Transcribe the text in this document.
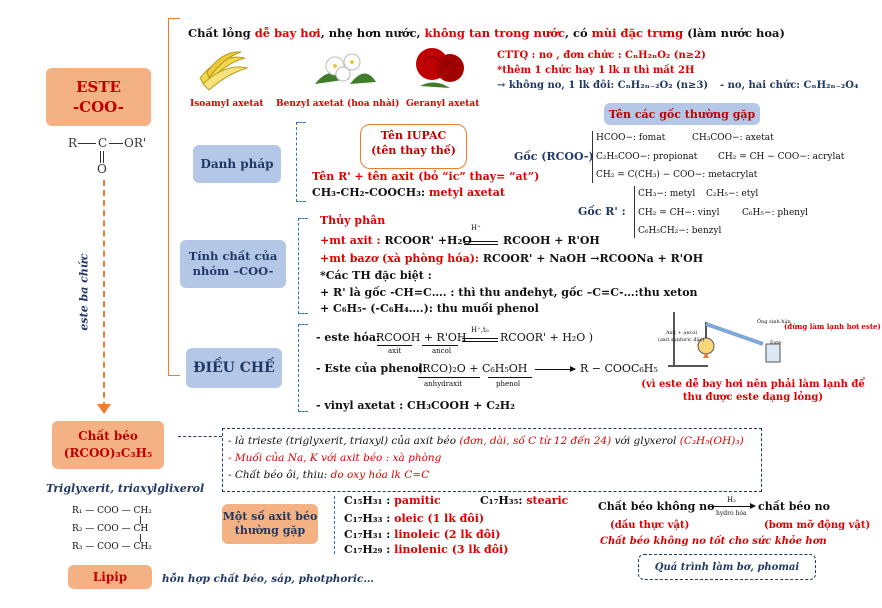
ESTE
-COO-
R C OR'
O
este ba chức
Chất lỏng dễ bay hơi, nhẹ hơn nước, không tan trong nước, có mùi đặc trưng (làm nước hoa)
Isoamyl axetat Benzyl axetat (hoa nhài) Geranyl axetat
CTTQ : no , đơn chức : CₙH₂ₙO₂ (n≥2)
*thêm 1 chức hay 1 lk π thì mất 2H
→ không no, 1 lk đôi: CₙH₂ₙ₋₂O₂ (n≥3) - no, hai chức: CₙH₂ₙ₋₂O₄
Danh pháp
Tên IUPAC
(tên thay thế)
Tên R' + tên axit (bỏ “ic” thay= “at”)
CH₃-CH₂-COOCH₃: metyl axetat
Tên các gốc thường gặp
Gốc (RCOO-)
HCOO−: fomat	CH₃COO−: axetat
C₂H₅COO−: propionat CH₂ = CH − COO−: acrylat
CH₂ = C(CH₃) − COO−: metacrylat
Gốc R' :
CH₃−: metyl C₂H₅−: etyl
CH₂ = CH−: vinyl	C₆H₅−: phenyl
C₆H₅CH₂−: benzyl
Tính chất của nhóm –COO-
Thủy phân
+mt axit : RCOOR' +H₂O
H⁺
RCOOH + R'OH
+mt bazơ (xà phòng hóa): RCOOR' + NaOH →RCOONa + R'OH
*Các TH đặc biệt :
+ R' là gốc -CH=C…. : thì thu anđehyt, gốc –C=C-…:thu xeton
+ C₆H₅- (-C₆H₄….): thu muối phenol
ĐIỀU CHẾ
- este hóa:
RCOOH + R'OH
axit	ancol
H⁺,t₀
RCOOR' + H₂O )
- Este của phenol:
(RCO)₂O + C₆H₅OH
anhydraxit	phenol
R − COOC₆H₅
- vinyl axetat : CH₃COOH + C₂H₂
Axit + ancol
(axit sunfuric đặc)
Ống sinh hàn
Este
(đừng làm lạnh hơi este)
(vì este dễ bay hơi nên phải làm lạnh để thu được este dạng lỏng)
Chất béo
(RCOO)₃C₃H₅
Triglyxerit, triaxylglixerol
R₁ — COO — CH₂
R₂ — COO — CH
R₃ — COO — CH₂
- là trieste (triglyxerit, triaxyl) của axit béo (đơn, dài, số C từ 12 đến 24) với glyxerol (C₃H₅(OH)₃)
- Muối của Na, K với axit béo : xà phòng
- Chất béo ôi, thiu: do oxy hóa lk C=C
Một số axit béo thường gặp
C₁₅H₃₁ : pamitic	C₁₇H₃₅: stearic
C₁₇H₃₃ : oleic (1 lk đôi)
C₁₇H₃₁ : linoleic (2 lk đôi)
C₁₇H₂₉ : linolenic (3 lk đôi)
Chất béo không no H₂
hydro hóa
chất béo no
(dầu thực vật)	(bơm mỡ động vật)
Chất béo không no tốt cho sức khỏe hơn
Quá trình làm bơ, phomai
Lipip	hỗn hợp chất béo, sáp, photphoric…
